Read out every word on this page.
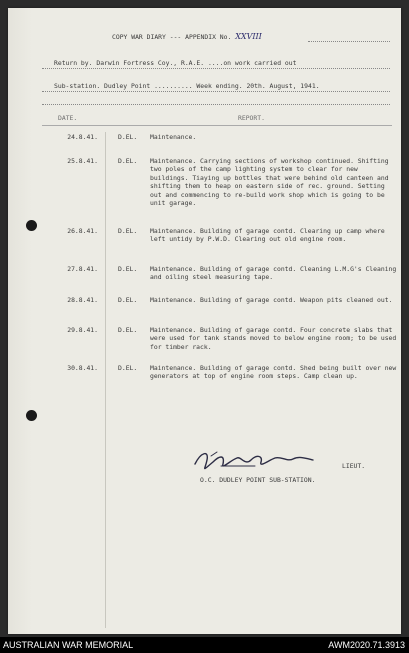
COPY WAR DIARY --- APPENDIX No. XXVIII
Return by. Darwin Fortress Coy., R.A.E. ....on work carried out
Sub-station. Dudley Point .......... Week ending. 20th. August, 1941.
DATE.	REPORT.
24.8.41.	D.EL. Maintenance.
25.8.41.	D.EL. Maintenance. Carrying sections of workshop continued. Shifting two poles of the camp lighting system to clear for new buildings. Tiaying up bottles that were behind old canteen and shifting them to heap on eastern side of rec. ground. Setting out and commencing to re-build work shop which is going to be unit garage.
26.8.41.	D.EL. Maintenance. Building of garage contd. Clearing up camp where left untidy by P.W.D. Clearing out old engine room.
27.8.41.	D.EL. Maintenance. Building of garage contd. Cleaning L.M.G's Cleaning and oiling steel measuring tape.
28.8.41.	D.EL. Maintenance. Building of garage contd. Weapon pits cleaned out.
29.8.41.	D.EL. Maintenance. Building of garage contd. Four concrete slabs that were used for tank stands moved to below engine room; to be used for timber rack.
30.8.41.	D.EL. Maintenance. Building of garage contd. Shed being built over new generators at top of engine room steps. Camp clean up.
LIEUT.
O.C. DUDLEY POINT SUB-STATION.
AUSTRALIAN WAR MEMORIAL	AWM2020.71.3913
